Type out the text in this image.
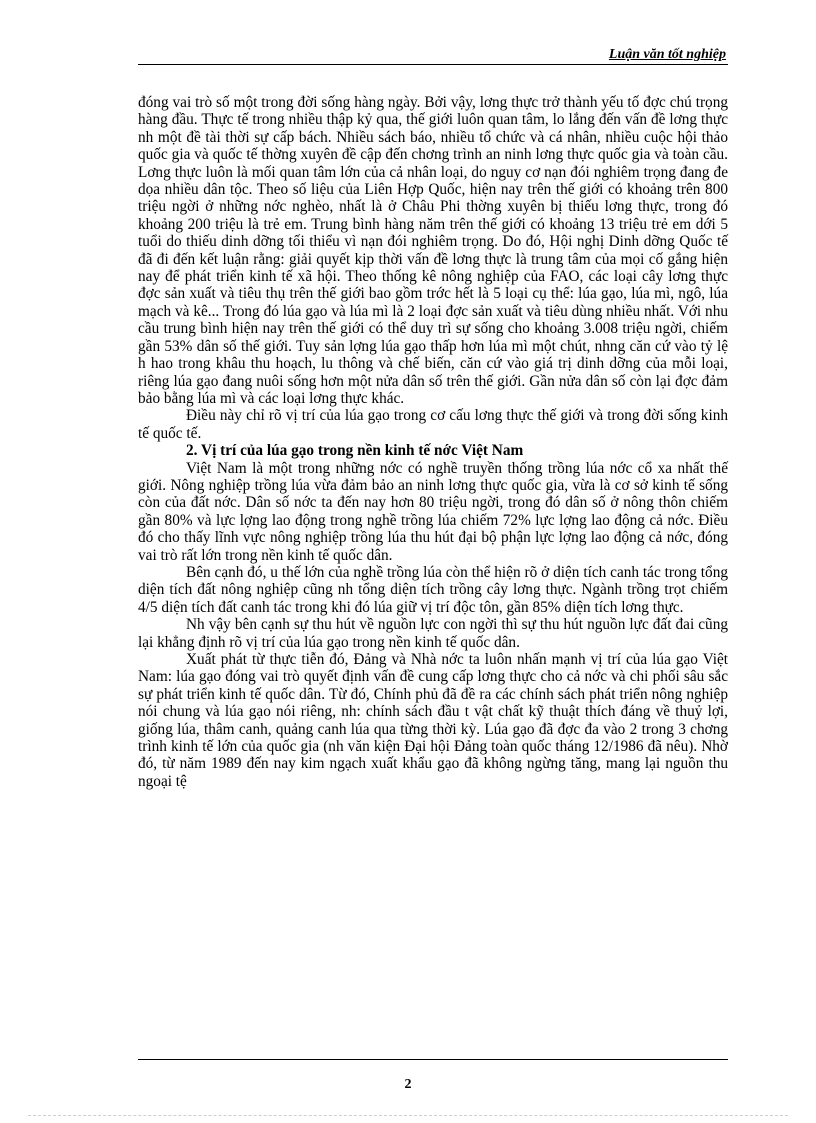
Luận văn tốt nghiệp

đóng vai trò số một trong đời sống hàng ngày. Bởi vậy, lơng thực trở thành yếu tố đợc chú trọng hàng đầu. Thực tế trong nhiều thập kỷ qua, thế giới luôn quan tâm, lo lắng đến vấn đề lơng thực nh một đề tài thời sự cấp bách. Nhiều sách báo, nhiều tổ chức và cá nhân, nhiều cuộc hội thảo quốc gia và quốc tế thờng xuyên đề cập đến chơng trình an ninh lơng thực quốc gia và toàn cầu. Lơng thực luôn là mối quan tâm lớn của cả nhân loại, do nguy cơ nạn đói nghiêm trọng đang đe dọa nhiều dân tộc. Theo số liệu của Liên Hợp Quốc, hiện nay trên thế giới có khoảng trên 800 triệu ngời ở những nớc nghèo, nhất là ở Châu Phi thờng xuyên bị thiếu lơng thực, trong đó khoảng 200 triệu là trẻ em. Trung bình hàng năm trên thế giới có khoảng 13 triệu trẻ em dới 5 tuổi do thiếu dinh dỡng tối thiểu vì nạn đói nghiêm trọng. Do đó, Hội nghị Dinh dỡng Quốc tế đã đi đến kết luận rằng: giải quyết kịp thời vấn đề lơng thực là trung tâm của mọi cố gắng hiện nay để phát triển kinh tế xã hội. Theo thống kê nông nghiệp của FAO, các loại cây lơng thực đợc sản xuất và tiêu thụ trên thế giới bao gồm trớc hết là 5 loại cụ thể: lúa gạo, lúa mì, ngô, lúa mạch và kê... Trong đó lúa gạo và lúa mì là 2 loại đợc sản xuất và tiêu dùng nhiều nhất. Với nhu cầu trung bình hiện nay trên thế giới có thể duy trì sự sống cho khoảng 3.008 triệu ngời, chiếm gần 53% dân số thế giới. Tuy sản lợng lúa gạo thấp hơn lúa mì một chút, nhng căn cứ vào tỷ lệ h hao trong khâu thu hoạch, lu thông và chế biến, căn cứ vào giá trị dinh dỡng của mỗi loại, riêng lúa gạo đang nuôi sống hơn một nửa dân số trên thế giới. Gần nửa dân số còn lại đợc đảm bảo bằng lúa mì và các loại lơng thực khác.

Điều này chỉ rõ vị trí của lúa gạo trong cơ cấu lơng thực thế giới và trong đời sống kinh tế quốc tế.

2. Vị trí của lúa gạo trong nền kinh tế nớc Việt Nam

Việt Nam là một trong những nớc có nghề truyền thống trồng lúa nớc cổ xa nhất thế giới. Nông nghiệp trồng lúa vừa đảm bảo an ninh lơng thực quốc gia, vừa là cơ sở kinh tế sống còn của đất nớc. Dân số nớc ta đến nay hơn 80 triệu ngời, trong đó dân số ở nông thôn chiếm gần 80% và lực lợng lao động trong nghề trồng lúa chiếm 72% lực lợng lao động cả nớc. Điều đó cho thấy lĩnh vực nông nghiệp trồng lúa thu hút đại bộ phận lực lợng lao động cả nớc, đóng vai trò rất lớn trong nền kinh tế quốc dân.

Bên cạnh đó, u thế lớn của nghề trồng lúa còn thể hiện rõ ở diện tích canh tác trong tổng diện tích đất nông nghiệp cũng nh tổng diện tích trồng cây lơng thực. Ngành trồng trọt chiếm 4/5 diện tích đất canh tác trong khi đó lúa giữ vị trí độc tôn, gần 85% diện tích lơng thực.

Nh vậy bên cạnh sự thu hút về nguồn lực con ngời thì sự thu hút nguồn lực đất đai cũng lại khẳng định rõ vị trí của lúa gạo trong nền kinh tế quốc dân.

Xuất phát từ thực tiễn đó, Đảng và Nhà nớc ta luôn nhấn mạnh vị trí của lúa gạo Việt Nam: lúa gạo đóng vai trò quyết định vấn đề cung cấp lơng thực cho cả nớc và chi phối sâu sắc sự phát triển kinh tế quốc dân. Từ đó, Chính phủ đã đề ra các chính sách phát triển nông nghiệp nói chung và lúa gạo nói riêng, nh: chính sách đầu t vật chất kỹ thuật thích đáng về thuỷ lợi, giống lúa, thâm canh, quảng canh lúa qua từng thời kỳ. Lúa gạo đã đợc đa vào 2 trong 3 chơng trình kinh tế lớn của quốc gia (nh văn kiện Đại hội Đảng toàn quốc tháng 12/1986 đã nêu). Nhờ đó, từ năm 1989 đến nay kim ngạch xuất khẩu gạo đã không ngừng tăng, mang lại nguồn thu ngoại tệ

2
